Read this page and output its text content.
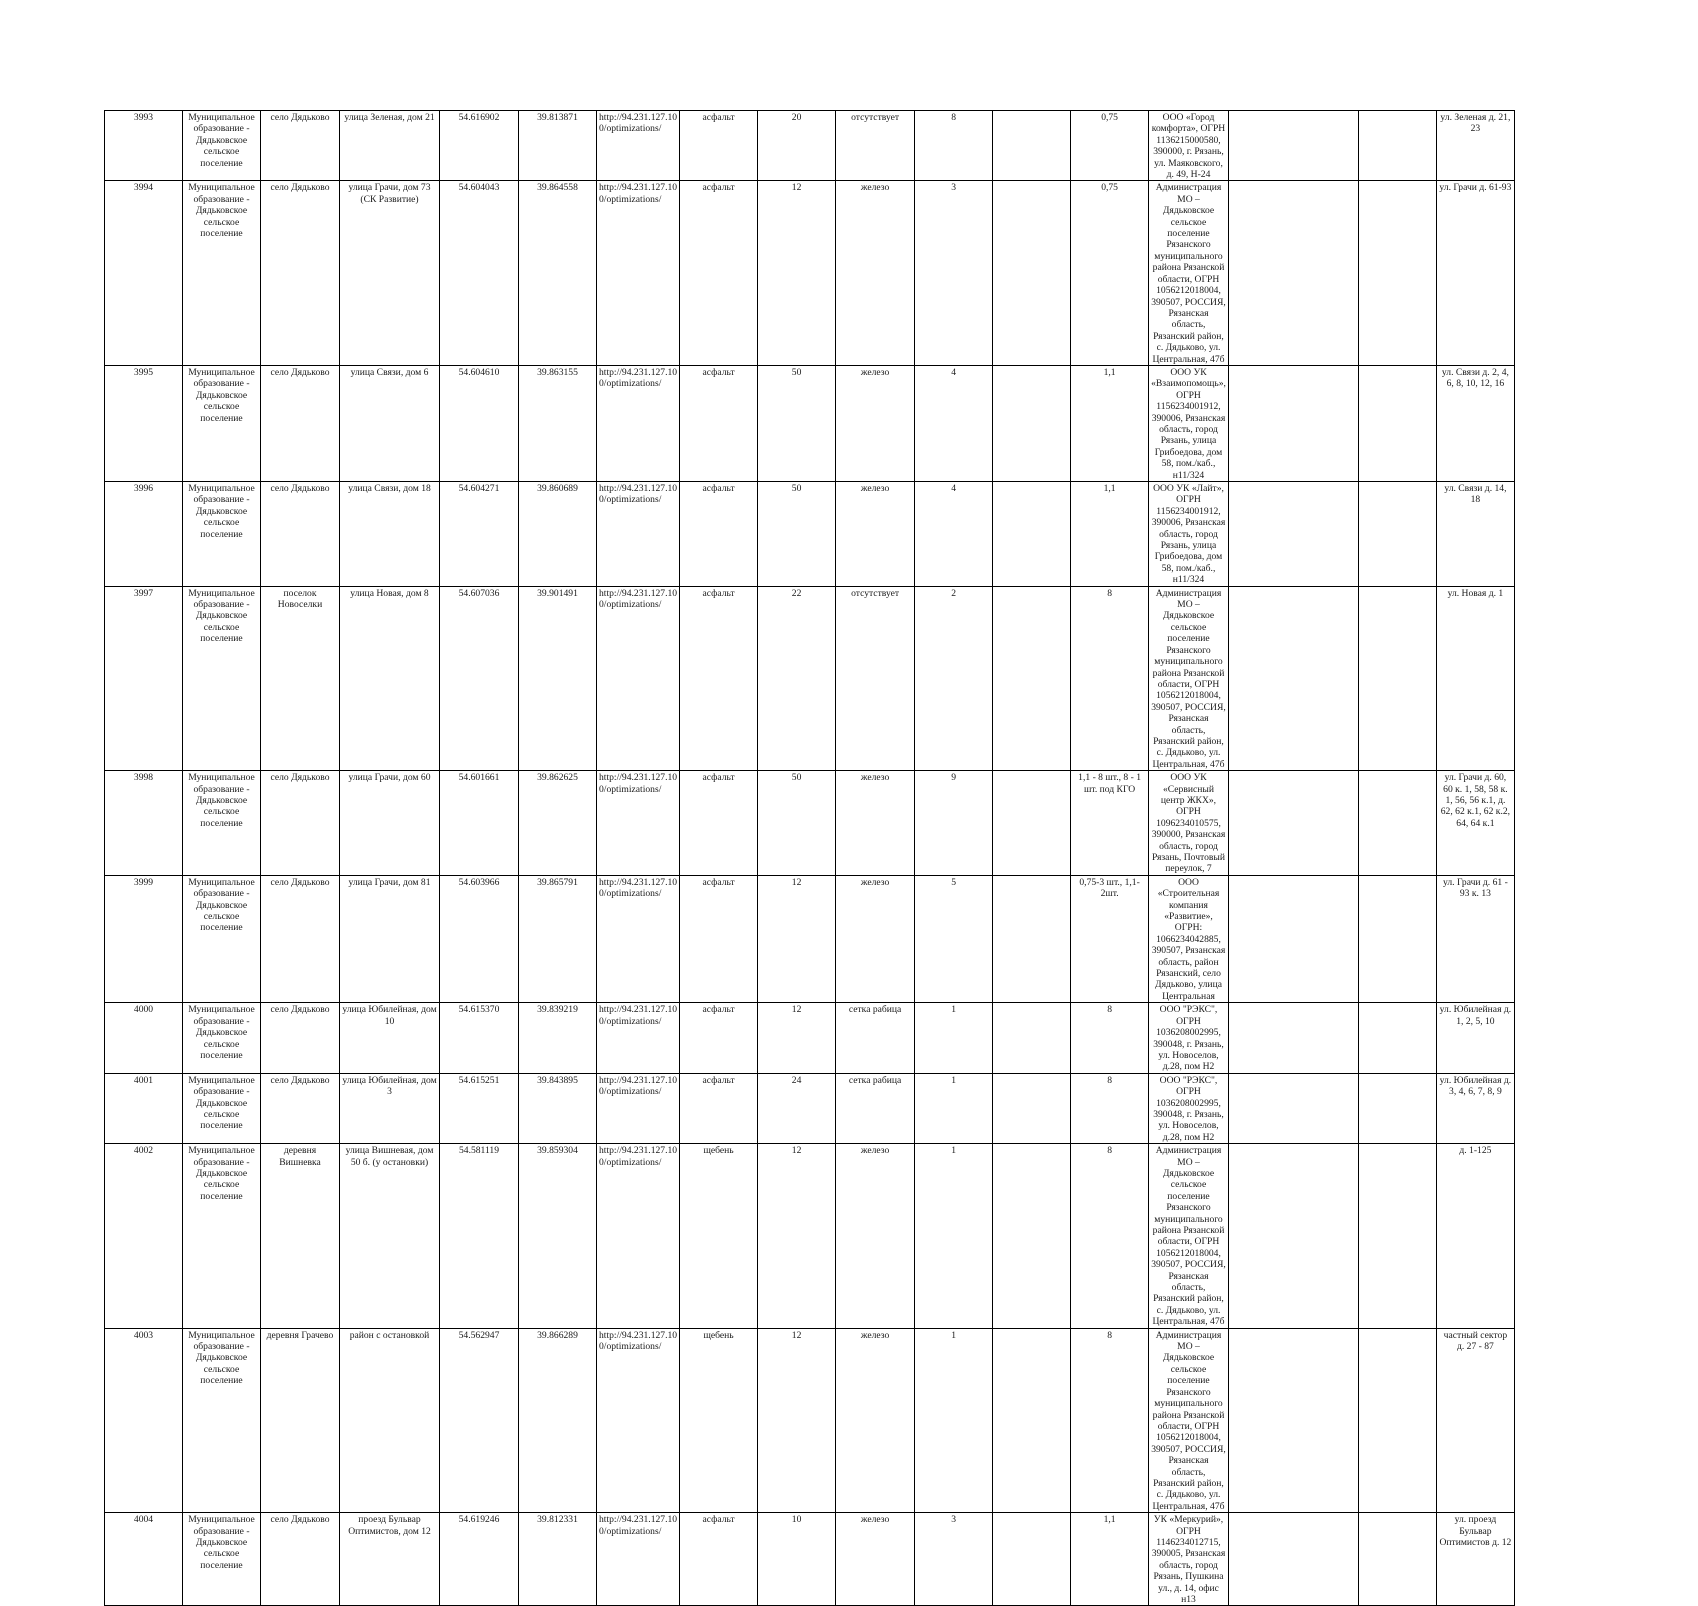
3993	Муниципальное образование - Дядьковское сельское поселение	село Дядьково	улица Зеленая, дом 21	54.616902	39.813871	http://94.231.127.10 0/optimizations/	асфальт	20	отсутствует	8		0,75	ООО «Город комфорта», ОГРН 1136215000580, 390000, г. Рязань, ул. Маяковского, д. 49, Н-24			ул. Зеленая д. 21, 23
3994	Муниципальное образование - Дядьковское сельское поселение	село Дядьково	улица Грачи, дом 73 (СК Развитие)	54.604043	39.864558	http://94.231.127.10 0/optimizations/	асфальт	12	железо	3		0,75	Администрация МО – Дядьковское сельское поселение Рязанского муниципального района Рязанской области, ОГРН 1056212018004, 390507, РОССИЯ, Рязанская область, Рязанский район, с. Дядьково, ул. Центральная, 47б			ул. Грачи д. 61-93
3995	Муниципальное образование - Дядьковское сельское поселение	село Дядьково	улица Связи, дом 6	54.604610	39.863155	http://94.231.127.10 0/optimizations/	асфальт	50	железо	4		1,1	ООО УК «Взаимопомощь», ОГРН 1156234001912, 390006, Рязанская область, город Рязань, улица Грибоедова, дом 58, пом./каб., н11/324			ул. Связи д. 2, 4, 6, 8, 10, 12, 16
3996	Муниципальное образование - Дядьковское сельское поселение	село Дядьково	улица Связи, дом 18	54.604271	39.860689	http://94.231.127.10 0/optimizations/	асфальт	50	железо	4		1,1	ООО УК «Лайт», ОГРН 1156234001912, 390006, Рязанская область, город Рязань, улица Грибоедова, дом 58, пом./каб., н11/324			ул. Связи д. 14, 18
3997	Муниципальное образование - Дядьковское сельское поселение	поселок Новоселки	улица Новая, дом 8	54.607036	39.901491	http://94.231.127.10 0/optimizations/	асфальт	22	отсутствует	2		8	Администрация МО – Дядьковское сельское поселение Рязанского муниципального района Рязанской области, ОГРН 1056212018004, 390507, РОССИЯ, Рязанская область, Рязанский район, с. Дядьково, ул. Центральная, 47б			ул. Новая д. 1
3998	Муниципальное образование - Дядьковское сельское поселение	село Дядьково	улица Грачи, дом 60	54.601661	39.862625	http://94.231.127.10 0/optimizations/	асфальт	50	железо	9		1,1 - 8 шт., 8 - 1 шт. под КГО	ООО УК «Сервисный центр ЖКХ», ОГРН 1096234010575, 390000, Рязанская область, город Рязань, Почтовый переулок, 7			ул. Грачи д. 60, 60 к. 1, 58, 58 к. 1, 56, 56 к.1, д. 62, 62 к.1, 62 к.2, 64, 64 к.1
3999	Муниципальное образование - Дядьковское сельское поселение	село Дядьково	улица Грачи, дом 81	54.603966	39.865791	http://94.231.127.10 0/optimizations/	асфальт	12	железо	5		0,75-3 шт., 1,1-2шт.	ООО «Строительная компания «Развитие», ОГРН: 1066234042885, 390507, Рязанская область, район Рязанский, село Дядьково, улица Центральная			ул. Грачи д. 61 - 93 к. 13
4000	Муниципальное образование - Дядьковское сельское поселение	село Дядьково	улица Юбилейная, дом 10	54.615370	39.839219	http://94.231.127.10 0/optimizations/	асфальт	12	сетка рабица	1		8	ООО "РЭКС", ОГРН 1036208002995, 390048, г. Рязань, ул. Новоселов, д.28, пом Н2			ул. Юбилейная д. 1, 2, 5, 10
4001	Муниципальное образование - Дядьковское сельское поселение	село Дядьково	улица Юбилейная, дом 3	54.615251	39.843895	http://94.231.127.10 0/optimizations/	асфальт	24	сетка рабица	1		8	ООО "РЭКС", ОГРН 1036208002995, 390048, г. Рязань, ул. Новоселов, д.28, пом Н2			ул. Юбилейная д. 3, 4, 6, 7, 8, 9
4002	Муниципальное образование - Дядьковское сельское поселение	деревня Вишневка	улица Вишневая, дом 50 б. (у остановки)	54.581119	39.859304	http://94.231.127.10 0/optimizations/	щебень	12	железо	1		8	Администрация МО – Дядьковское сельское поселение Рязанского муниципального района Рязанской области, ОГРН 1056212018004, 390507, РОССИЯ, Рязанская область, Рязанский район, с. Дядьково, ул. Центральная, 47б			д. 1-125
4003	Муниципальное образование - Дядьковское сельское поселение	деревня Грачево	район с остановкой	54.562947	39.866289	http://94.231.127.10 0/optimizations/	щебень	12	железо	1		8	Администрация МО – Дядьковское сельское поселение Рязанского муниципального района Рязанской области, ОГРН 1056212018004, 390507, РОССИЯ, Рязанская область, Рязанский район, с. Дядьково, ул. Центральная, 47б			частный сектор д. 27 - 87
4004	Муниципальное образование - Дядьковское сельское поселение	село Дядьково	проезд Бульвар Оптимистов, дом 12	54.619246	39.812331	http://94.231.127.10 0/optimizations/	асфальт	10	железо	3		1,1	УК «Меркурий», ОГРН 1146234012715, 390005, Рязанская область, город Рязань, Пушкина ул., д. 14, офис н13			ул. проезд Бульвар Оптимистов д. 12
